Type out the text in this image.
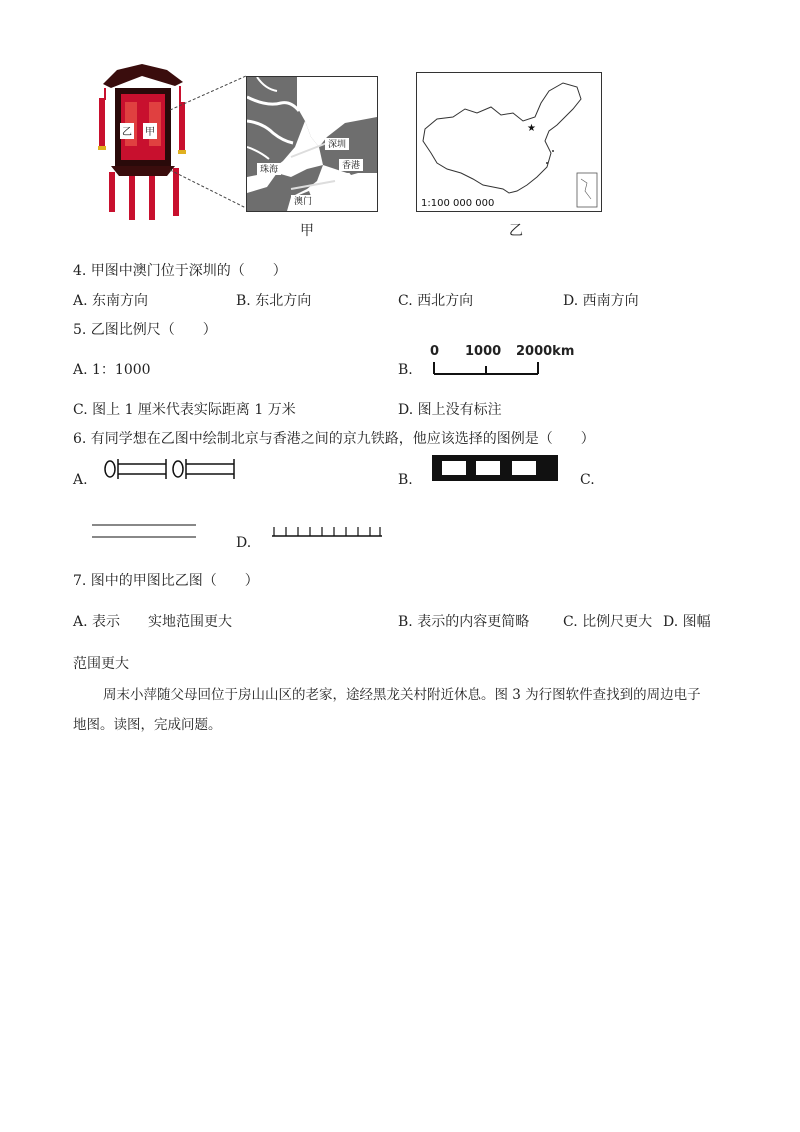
乙 甲
深圳
珠海	香港
澳门
甲
★
1:100 000 000
乙
4. 甲图中澳门位于深圳的（　　）
A. 东南方向	B. 东北方向	C. 西北方向	D. 西南方向
5. 乙图比例尺（　　）
A. 1：1000	B.
0 1000 2000km
C. 图上 1 厘米代表实际距离 1 万米	D. 图上没有标注
6. 有同学想在乙图中绘制北京与香港之间的京九铁路，他应该选择的图例是（　　）
A.	B.	C.
D.
7. 图中的甲图比乙图（　　）
A. 表示　　实地范围更大	B. 表示的内容更简略 C. 比例尺更大 D. 图幅
范围更大
周末小萍随父母回位于房山山区的老家，途经黑龙关村附近休息。图 3 为行图软件查找到的周边电子
地图。读图，完成问题。
